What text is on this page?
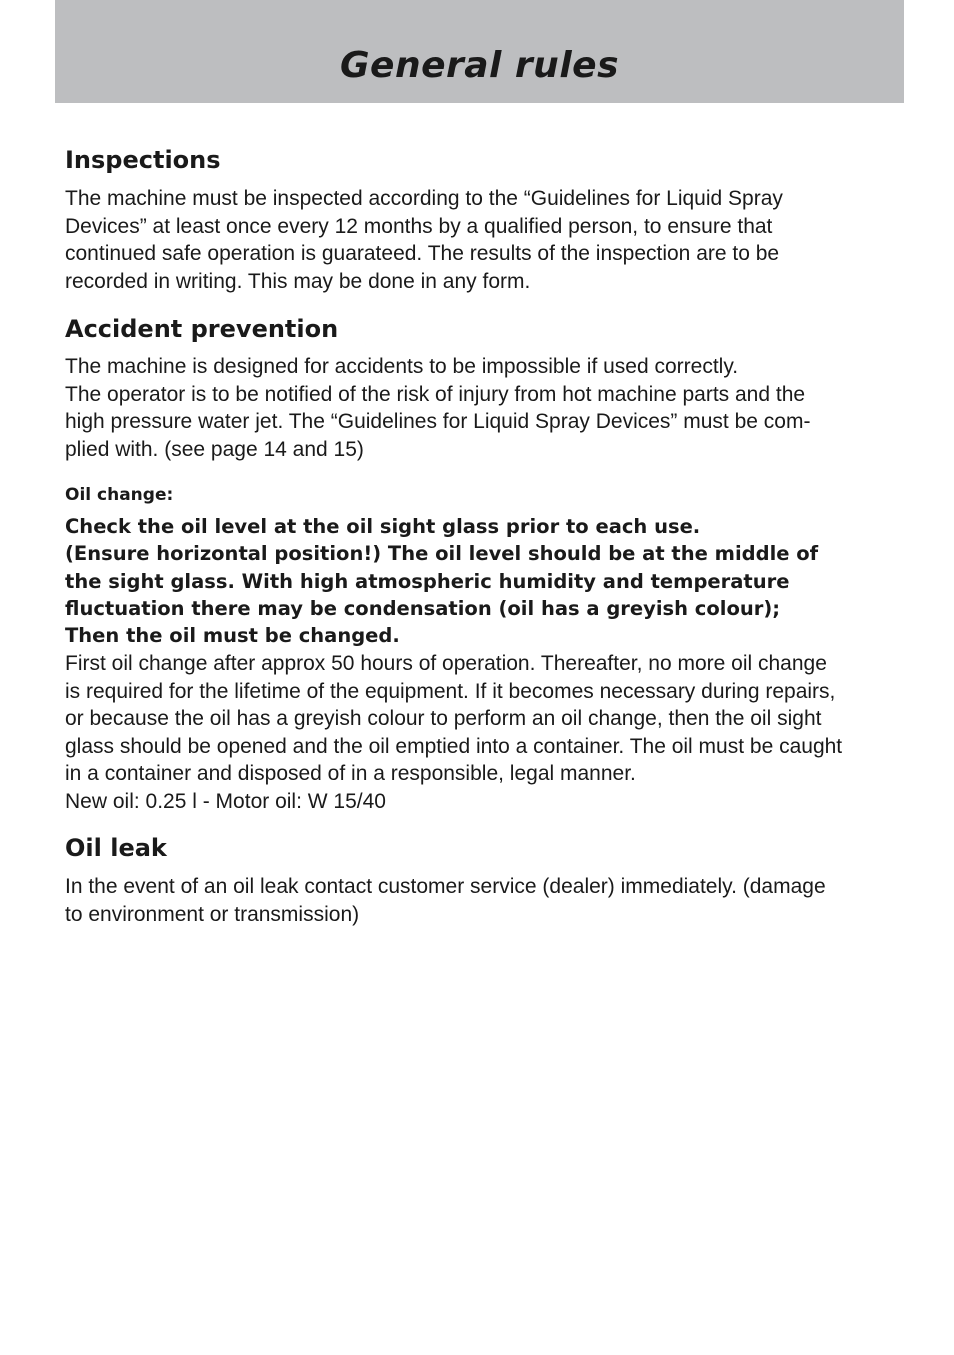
General rules
Inspections

The machine must be inspected according to the “Guidelines for Liquid Spray
Devices” at least once every 12 months by a qualified person, to ensure that
continued safe operation is guarateed. The results of the inspection are to be
recorded in writing. This may be done in any form.

Accident prevention

The machine is designed for accidents to be impossible if used correctly.
The operator is to be notified of the risk of injury from hot machine parts and the
high pressure water jet. The “Guidelines for Liquid Spray Devices” must be com-
plied with. (see page 14 and 15)

Oil change:

Check the oil level at the oil sight glass prior to each use.
(Ensure horizontal position!) The oil level should be at the middle of
the sight glass. With high atmospheric humidity and temperature
fluctuation there may be condensation (oil has a greyish colour);
Then the oil must be changed.

First oil change after approx 50 hours of operation. Thereafter, no more oil change
is required for the lifetime of the equipment. If it becomes necessary during repairs,
or because the oil has a greyish colour to perform an oil change, then the oil sight
glass should be opened and the oil emptied into a container. The oil must be caught
in a container and disposed of in a responsible, legal manner.
New oil: 0.25 l - Motor oil: W 15/40

Oil leak

In the event of an oil leak contact customer service (dealer) immediately. (damage
to environment or transmission)
